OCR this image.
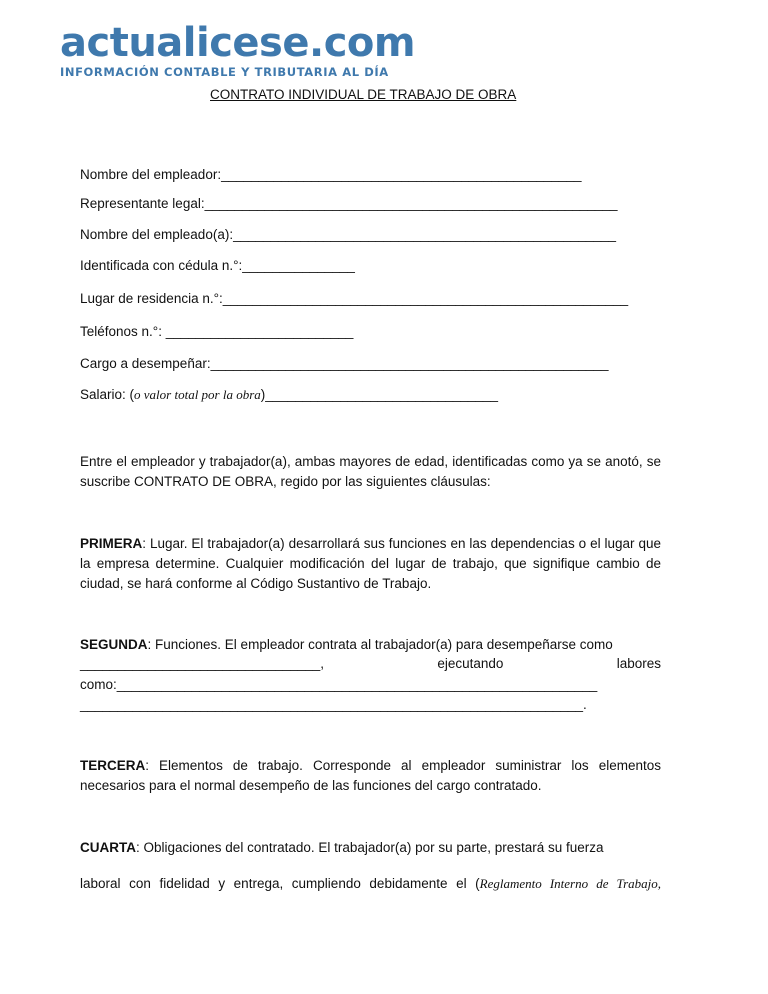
actualicese.com
INFORMACIÓN CONTABLE Y TRIBUTARIA AL DÍA
CONTRATO INDIVIDUAL DE TRABAJO DE OBRA
Nombre del empleador:________________________________________________
Representante legal:_______________________________________________________
Nombre del empleado(a):___________________________________________________
Identificada con cédula n.°:_______________
Lugar de residencia n.°:______________________________________________________
Teléfonos n.°: _________________________
Cargo a desempeñar:_____________________________________________________
Salario: (o valor total por la obra)_______________________________
Entre el empleador y trabajador(a), ambas mayores de edad, identificadas como ya se anotó, se suscribe CONTRATO DE OBRA, regido por las siguientes cláusulas:
PRIMERA: Lugar. El trabajador(a) desarrollará sus funciones en las dependencias o el lugar que la empresa determine. Cualquier modificación del lugar de trabajo, que signifique cambio de ciudad, se hará conforme al Código Sustantivo de Trabajo.
SEGUNDA: Funciones. El empleador contrata al trabajador(a) para desempeñarse como
________________________________,	ejecutando	labores
como:________________________________________________________________
___________________________________________________________________.
TERCERA: Elementos de trabajo. Corresponde al empleador suministrar los elementos necesarios para el normal desempeño de las funciones del cargo contratado.
CUARTA: Obligaciones del contratado. El trabajador(a) por su parte, prestará su fuerza
laboral con fidelidad y entrega, cumpliendo debidamente el (Reglamento Interno de Trabajo,
